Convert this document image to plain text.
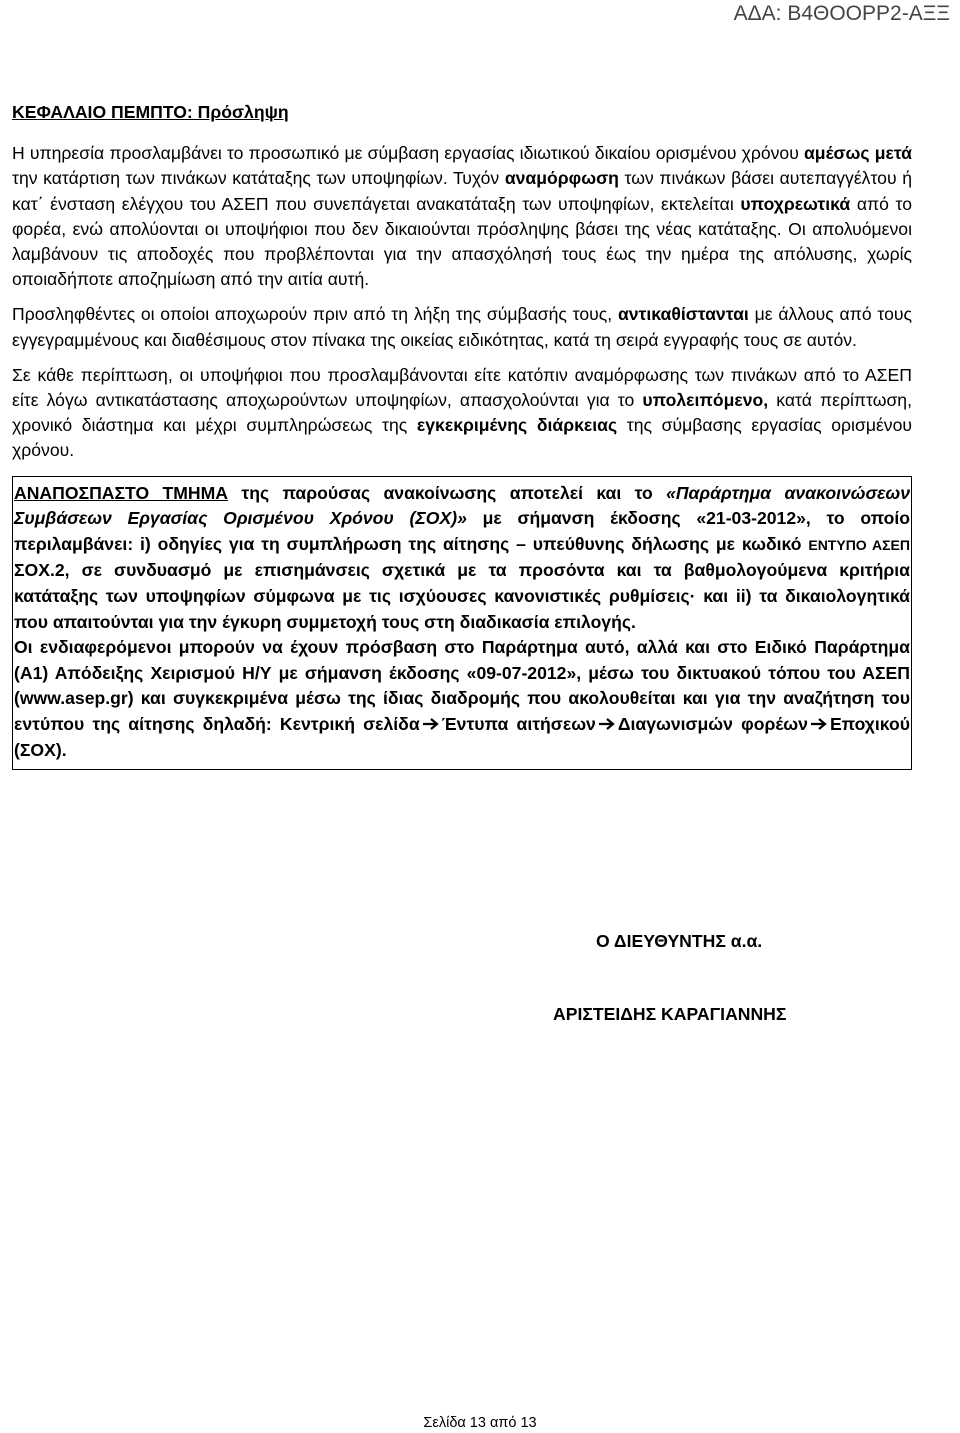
ΑΔΑ: Β4ΘΟΟΡΡ2-ΑΞΞ
ΚΕΦΑΛΑΙΟ ΠΕΜΠΤΟ: Πρόσληψη

Η υπηρεσία προσλαμβάνει το προσωπικό με σύμβαση εργασίας ιδιωτικού δικαίου ορισμένου χρόνου αμέσως μετά την κατάρτιση των πινάκων κατάταξης των υποψηφίων. Τυχόν αναμόρφωση των πινάκων βάσει αυτεπαγγέλτου ή κατ΄ ένσταση ελέγχου του ΑΣΕΠ που συνεπάγεται ανακατάταξη των υποψηφίων, εκτελείται υποχρεωτικά από το φορέα, ενώ απολύονται οι υποψήφιοι που δεν δικαιούνται πρόσληψης βάσει της νέας κατάταξης. Οι απολυόμενοι λαμβάνουν τις αποδοχές που προβλέπονται για την απασχόλησή τους έως την ημέρα της απόλυσης, χωρίς οποιαδήποτε αποζημίωση από την αιτία αυτή.

Προσληφθέντες οι οποίοι αποχωρούν πριν από τη λήξη της σύμβασής τους, αντικαθίστανται με άλλους από τους εγγεγραμμένους και διαθέσιμους στον πίνακα της οικείας ειδικότητας, κατά τη σειρά εγγραφής τους σε αυτόν.

Σε κάθε περίπτωση, οι υποψήφιοι που προσλαμβάνονται είτε κατόπιν αναμόρφωσης των πινάκων από το ΑΣΕΠ είτε λόγω αντικατάστασης αποχωρούντων υποψηφίων, απασχολούνται για το υπολειπόμενο, κατά περίπτωση, χρονικό διάστημα και μέχρι συμπληρώσεως της εγκεκριμένης διάρκειας της σύμβασης εργασίας ορισμένου χρόνου.

ΑΝΑΠΟΣΠΑΣΤΟ ΤΜΗΜΑ της παρούσας ανακοίνωσης αποτελεί και το «Παράρτημα ανακοινώσεων Συμβάσεων Εργασίας Ορισμένου Χρόνου (ΣΟΧ)» με σήμανση έκδοσης «21-03-2012», το οποίο περιλαμβάνει: i) οδηγίες για τη συμπλήρωση της αίτησης – υπεύθυνης δήλωσης με κωδικό ΕΝΤΥΠΟ ΑΣΕΠ ΣΟΧ.2, σε συνδυασμό με επισημάνσεις σχετικά με τα προσόντα και τα βαθμολογούμενα κριτήρια κατάταξης των υποψηφίων σύμφωνα με τις ισχύουσες κανονιστικές ρυθμίσεις· και ii) τα δικαιολογητικά που απαιτούνται για την έγκυρη συμμετοχή τους στη διαδικασία επιλογής.

Οι ενδιαφερόμενοι μπορούν να έχουν πρόσβαση στο Παράρτημα αυτό, αλλά και στο Ειδικό Παράρτημα (Α1) Απόδειξης Χειρισμού Η/Υ με σήμανση έκδοσης «09-07-2012», μέσω του δικτυακού τόπου του ΑΣΕΠ (www.asep.gr) και συγκεκριμένα μέσω της ίδιας διαδρομής που ακολουθείται και για την αναζήτηση του εντύπου της αίτησης δηλαδή: Κεντρική σελίδα Έντυπα αιτήσεων Διαγωνισμών φορέων Εποχικού (ΣΟΧ).

Ο ΔΙΕΥΘΥΝΤΗΣ α.α.
ΑΡΙΣΤΕΙΔΗΣ ΚΑΡΑΓΙΑΝΝΗΣ
Σελίδα 13 από 13
